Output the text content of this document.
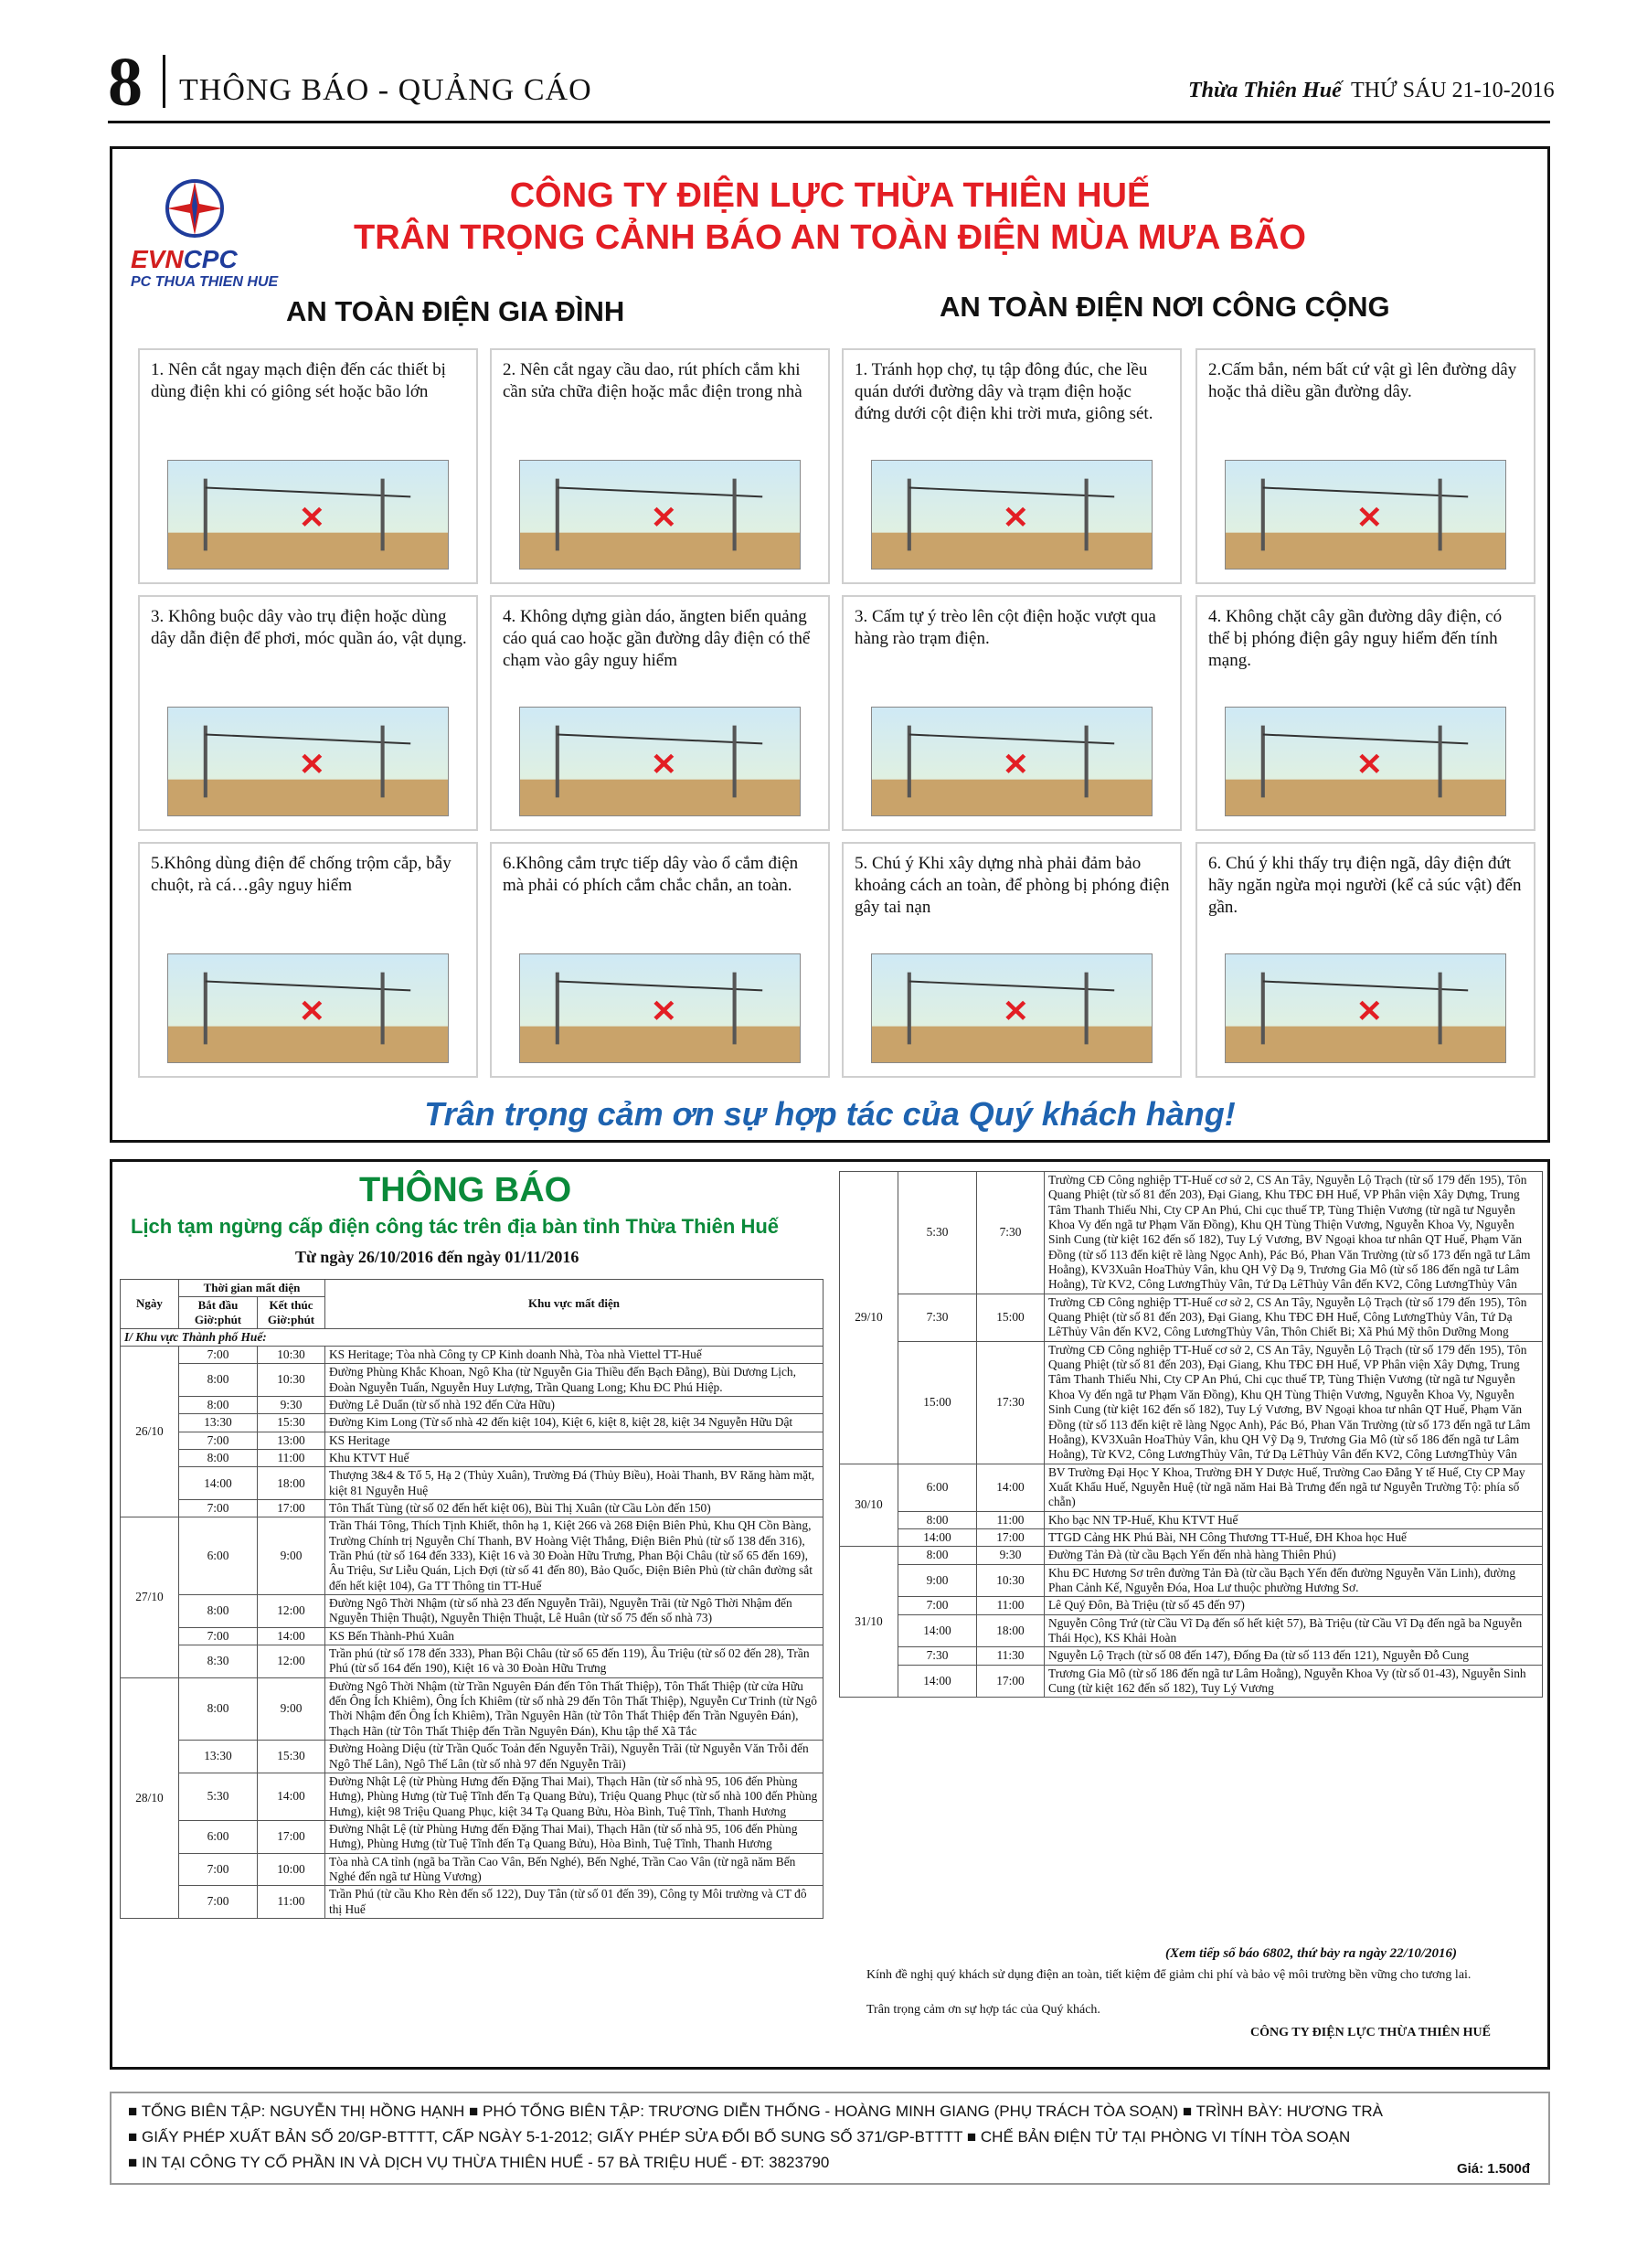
8 THÔNG BÁO - QUẢNG CÁO	Thừa Thiên Huế THỨ SÁU 21-10-2016
EVNCPC
PC THUA THIEN HUE
CÔNG TY ĐIỆN LỰC THỪA THIÊN HUẾ
TRÂN TRỌNG CẢNH BÁO AN TOÀN ĐIỆN MÙA MƯA BÃO
AN TOÀN ĐIỆN GIA ĐÌNH	AN TOÀN ĐIỆN NƠI CÔNG CỘNG
1. Nên cắt ngay mạch điện đến các thiết bị dùng điện khi có giông sét hoặc bão lớn
✕
2. Nên cắt ngay cầu dao, rút phích cắm khi cần sửa chữa điện hoặc mắc điện trong nhà
✕
1. Tránh họp chợ, tụ tập đông đúc, che lều quán dưới đường dây và trạm điện hoặc đứng dưới cột điện khi trời mưa, giông sét.
✕
2.Cấm bắn, ném bất cứ vật gì lên đường dây hoặc thả diều gần đường dây.
✕
3. Không buộc dây vào trụ điện hoặc dùng dây dẫn điện để phơi, móc quần áo, vật dụng.
✕
4. Không dựng giàn dáo, ăngten biển quảng cáo quá cao hoặc gần đường dây điện có thể chạm vào gây nguy hiểm
✕
3. Cấm tự ý trèo lên cột điện hoặc vượt qua hàng rào trạm điện.
✕
4. Không chặt cây gần đường dây điện, có thể bị phóng điện gây nguy hiểm đến tính mạng.
✕
5.Không dùng điện để chống trộm cắp, bẫy chuột, rà cá…gây nguy hiểm
✕
6.Không cắm trực tiếp dây vào ổ cắm điện mà phải có phích cắm chắc chắn, an toàn.
✕
5. Chú ý Khi xây dựng nhà phải đảm bảo khoảng cách an toàn, để phòng bị phóng điện gây tai nạn
✕
6. Chú ý khi thấy trụ điện ngã, dây điện đứt hãy ngăn ngừa mọi người (kể cả súc vật) đến gần.
✕
Trân trọng cảm ơn sự hợp tác của Quý khách hàng!
THÔNG BÁO
Lịch tạm ngừng cấp điện công tác trên địa bàn tỉnh Thừa Thiên Huế
Từ ngày 26/10/2016 đến ngày 01/11/2016
Ngày	Thời gian mất điện		Khu vực mất điện
	Bắt đầu Giờ:phút	Kết thúc Giờ:phút	
I/ Khu vực Thành phố Huế:			
26/10	7:00	10:30	KS Heritage; Tòa nhà Công ty CP Kinh doanh Nhà, Tòa nhà Viettel TT-Huế
	8:00	10:30	Đường Phùng Khắc Khoan, Ngô Kha (từ Nguyễn Gia Thiều đến Bạch Đằng), Bùi Dương Lịch, Đoàn Nguyễn Tuấn, Nguyễn Huy Lượng, Trần Quang Long; Khu ĐC Phú Hiệp.
	8:00	9:30	Đường Lê Duẩn (từ số nhà 192 đến Cửa Hữu)
	13:30	15:30	Đường Kim Long (Từ số nhà 42 đến kiệt 104), Kiệt 6, kiệt 8, kiệt 28, kiệt 34 Nguyễn Hữu Dật
	7:00	13:00	KS Heritage
	8:00	11:00	Khu KTVT Huế
	14:00	18:00	Thượng 3&4 & Tổ 5, Hạ 2 (Thủy Xuân), Trường Đá (Thủy Biều), Hoài Thanh, BV Răng hàm mặt, kiệt 81 Nguyễn Huệ
	7:00	17:00	Tôn Thất Tùng (từ số 02 đến hết kiệt 06), Bùi Thị Xuân (từ Cầu Lòn đến 150)
27/10	6:00	9:00	Trần Thái Tông, Thích Tịnh Khiết, thôn hạ 1, Kiệt 266 và 268 Điện Biên Phủ, Khu QH Cồn Bàng, Trường Chính trị Nguyễn Chí Thanh, BV Hoàng Việt Thắng, Điện Biên Phủ (từ số 138 đến 316), Trần Phú (từ số 164 đến 333), Kiệt 16 và 30 Đoàn Hữu Trưng, Phan Bội Châu (từ số 65 đến 169), Âu Triệu, Sư Liễu Quán, Lịch Đợi (từ số 41 đến 80), Bảo Quốc, Điện Biên Phủ (từ chân đường sắt đến hết kiệt 104), Ga TT Thông tin TT-Huế
	8:00	12:00	Đường Ngô Thời Nhậm (từ số nhà 23 đến Nguyễn Trãi), Nguyễn Trãi (từ Ngô Thời Nhậm đến Nguyễn Thiện Thuật), Nguyễn Thiện Thuật, Lê Huân (từ số 75 đến số nhà 73)
	7:00	14:00	KS Bến Thành-Phú Xuân
	8:30	12:00	Trần phú (từ số 178 đến 333), Phan Bội Châu (từ số 65 đến 119), Âu Triệu (từ số 02 đến 28), Trần Phú (từ số 164 đến 190), Kiệt 16 và 30 Đoàn Hữu Trưng
28/10	8:00	9:00	Đường Ngô Thời Nhậm (từ Trần Nguyên Đán đến Tôn Thất Thiệp), Tôn Thất Thiệp (từ cửa Hữu đến Ông Ích Khiêm), Ông Ích Khiêm (từ số nhà 29 đến Tôn Thất Thiệp), Nguyễn Cư Trinh (từ Ngô Thời Nhậm đến Ông Ích Khiêm), Trần Nguyên Hãn (từ Tôn Thất Thiệp đến Trần Nguyên Đán), Thạch Hãn (từ Tôn Thất Thiệp đến Trần Nguyên Đán), Khu tập thể Xã Tắc
	13:30	15:30	Đường Hoàng Diệu (từ Trần Quốc Toản đến Nguyễn Trãi), Nguyễn Trãi (từ Nguyễn Văn Trỗi đến Ngô Thế Lân), Ngô Thế Lân (từ số nhà 97 đến Nguyễn Trãi)
	5:30	14:00	Đường Nhật Lệ (từ Phùng Hưng đến Đặng Thai Mai), Thạch Hãn (từ số nhà 95, 106 đến Phùng Hưng), Phùng Hưng (từ Tuệ Tĩnh đến Tạ Quang Bửu), Triệu Quang Phục (từ số nhà 100 đến Phùng Hưng), kiệt 98 Triệu Quang Phục, kiệt 34 Tạ Quang Bửu, Hòa Bình, Tuệ Tĩnh, Thanh Hương
	6:00	17:00	Đường Nhật Lệ (từ Phùng Hưng đến Đặng Thai Mai), Thạch Hãn (từ số nhà 95, 106 đến Phùng Hưng), Phùng Hưng (từ Tuệ Tĩnh đến Tạ Quang Bửu), Hòa Bình, Tuệ Tĩnh, Thanh Hương
	7:00	10:00	Tòa nhà CA tỉnh (ngã ba Trần Cao Vân, Bến Nghé), Bến Nghé, Trần Cao Vân (từ ngã năm Bến Nghé đến ngã tư Hùng Vương)
	7:00	11:00	Trần Phú (từ cầu Kho Rèn đến số 122), Duy Tân (từ số 01 đến 39), Công ty Môi trường và CT đô thị Huế
29/10	5:30	7:30	Trường CĐ Công nghiệp TT-Huế cơ sở 2, CS An Tây, Nguyễn Lộ Trạch (từ số 179 đến 195), Tôn Quang Phiệt (từ số 81 đến 203), Đại Giang, Khu TĐC ĐH Huế, VP Phân viện Xây Dựng, Trung Tâm Thanh Thiếu Nhi, Cty CP An Phú, Chi cục thuế TP, Tùng Thiện Vương (từ ngã tư Nguyễn Khoa Vy đến ngã tư Phạm Văn Đồng), Khu QH Tùng Thiện Vương, Nguyễn Khoa Vy, Nguyễn Sinh Cung (từ kiệt 162 đến số 182), Tuy Lý Vương, BV Ngoại khoa tư nhân QT Huế, Phạm Văn Đồng (từ số 113 đến kiệt rẽ làng Ngọc Anh), Pác Bó, Phan Văn Trường (từ số 173 đến ngã tư Lâm Hoằng), KV3Xuân HoaThủy Vân, khu QH Vỹ Dạ 9, Trương Gia Mô (từ số 186 đến ngã tư Lâm Hoằng), Từ KV2, Công LươngThủy Vân, Tứ Dạ LêThủy Vân đến KV2, Công LươngThủy Vân
	7:30	15:00	Trường CĐ Công nghiệp TT-Huế cơ sở 2, CS An Tây, Nguyễn Lộ Trạch (từ số 179 đến 195), Tôn Quang Phiệt (từ số 81 đến 203), Đại Giang, Khu TĐC ĐH Huế, Công LươngThủy Vân, Tứ Dạ LêThủy Vân đến KV2, Công LươngThủy Vân, Thôn Chiết Bi; Xã Phú Mỹ thôn Dưỡng Mong
	15:00	17:30	Trường CĐ Công nghiệp TT-Huế cơ sở 2, CS An Tây, Nguyễn Lộ Trạch (từ số 179 đến 195), Tôn Quang Phiệt (từ số 81 đến 203), Đại Giang, Khu TĐC ĐH Huế, VP Phân viện Xây Dựng, Trung Tâm Thanh Thiếu Nhi, Cty CP An Phú, Chi cục thuế TP, Tùng Thiện Vương (từ ngã tư Nguyễn Khoa Vy đến ngã tư Phạm Văn Đồng), Khu QH Tùng Thiện Vương, Nguyễn Khoa Vy, Nguyễn Sinh Cung (từ kiệt 162 đến số 182), Tuy Lý Vương, BV Ngoại khoa tư nhân QT Huế, Phạm Văn Đồng (từ số 113 đến kiệt rẽ làng Ngọc Anh), Pác Bó, Phan Văn Trường (từ số 173 đến ngã tư Lâm Hoằng), KV3Xuân HoaThủy Vân, khu QH Vỹ Dạ 9, Trương Gia Mô (từ số 186 đến ngã tư Lâm Hoằng), Từ KV2, Công LươngThủy Vân, Tứ Dạ LêThủy Vân đến KV2, Công LươngThủy Vân
30/10	6:00	14:00	BV Trường Đại Học Y Khoa, Trường ĐH Y Dược Huế, Trường Cao Đẳng Y tế Huế, Cty CP May Xuất Khẩu Huế, Nguyễn Huệ (từ ngã năm Hai Bà Trưng đến ngã tư Nguyễn Trường Tộ: phía số chẵn)
	8:00	11:00	Kho bạc NN TP-Huế, Khu KTVT Huế
	14:00	17:00	TTGD Cảng HK Phú Bài, NH Công Thương TT-Huế, ĐH Khoa học Huế
31/10	8:00	9:30	Đường Tản Đà (từ cầu Bạch Yến đến nhà hàng Thiên Phú)
	9:00	10:30	Khu ĐC Hương Sơ trên đường Tản Đà (từ cầu Bạch Yến đến đường Nguyễn Văn Linh), đường Phan Cảnh Kế, Nguyễn Đóa, Hoa Lư thuộc phường Hương Sơ.
	7:00	11:00	Lê Quý Đôn, Bà Triệu (từ số 45 đến 97)
	14:00	18:00	Nguyễn Công Trứ (từ Cầu Vĩ Dạ đến số hết kiệt 57), Bà Triệu (từ Cầu Vĩ Dạ đến ngã ba Nguyễn Thái Học), KS Khải Hoàn
	7:30	11:30	Nguyễn Lộ Trạch (từ số 08 đến 147), Đống Đa (từ số 113 đến 121), Nguyễn Đỗ Cung
	14:00	17:00	Trương Gia Mô (từ số 186 đến ngã tư Lâm Hoằng), Nguyễn Khoa Vy (từ số 01-43), Nguyễn Sinh Cung (từ kiệt 162 đến số 182), Tuy Lý Vương
(Xem tiếp số báo 6802, thứ bảy ra ngày 22/10/2016)
Kính đề nghị quý khách sử dụng điện an toàn, tiết kiệm để giảm chi phí và bảo vệ môi trường bền vững cho tương lai.
Trân trọng cảm ơn sự hợp tác của Quý khách.
CÔNG TY ĐIỆN LỰC THỪA THIÊN HUẾ
■ TỔNG BIÊN TẬP: NGUYỄN THỊ HỒNG HẠNH ■ PHÓ TỔNG BIÊN TẬP: TRƯƠNG DIỄN THỐNG - HOÀNG MINH GIANG (PHỤ TRÁCH TÒA SOẠN) ■ TRÌNH BÀY: HƯƠNG TRÀ
■ GIẤY PHÉP XUẤT BẢN SỐ 20/GP-BTTTT, CẤP NGÀY 5-1-2012; GIẤY PHÉP SỬA ĐỔI BỔ SUNG SỐ 371/GP-BTTTT ■ CHẾ BẢN ĐIỆN TỬ TẠI PHÒNG VI TÍNH TÒA SOẠN
■ IN TẠI CÔNG TY CỔ PHẦN IN VÀ DỊCH VỤ THỪA THIÊN HUẾ - 57 BÀ TRIỆU HUẾ - ĐT: 3823790	Giá: 1.500đ
